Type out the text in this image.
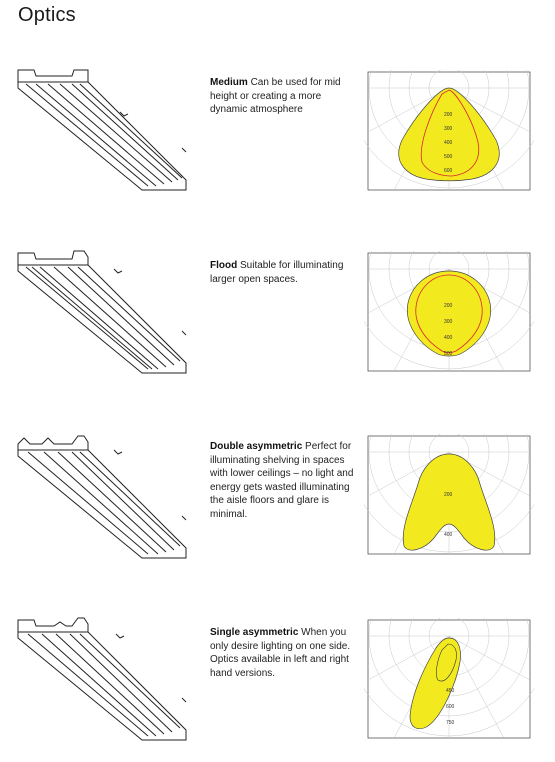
Optics
Medium Can be used for mid height or creating a more dynamic atmosphere	200
300
400
500
600
Flood Suitable for illuminating larger open spaces.
200
300
400
500
Double asymmetric Perfect for illuminating shelving in spaces with lower ceilings – no light and energy gets wasted illuminating the aisle floors and glare is minimal.
200
400
Single asymmetric When you only desire lighting on one side. Optics available in left and right hand versions.
450
600
750
